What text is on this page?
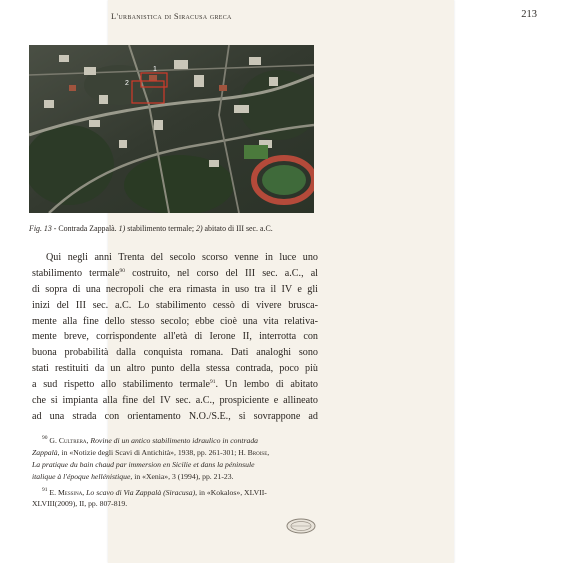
L'urbanistica di Siracusa greca	213
1
2
Fig. 13 - Contrada Zappalà. 1) stabilimento termale; 2) abitato di III sec. a.C.
Qui negli anni Trenta del secolo scorso venne in luce uno
stabilimento termale$^{90}$ costruito, nel corso del III sec. a.C., al
di sopra di una necropoli che era rimasta in uso tra il IV e gli
inizi del III sec. a.C. Lo stabilimento cessò di vivere brusca-
mente alla fine dello stesso secolo; ebbe cioè una vita relativa-
mente breve, corrispondente all'età di Ierone II, interrotta con
buona probabilità dalla conquista romana. Dati analoghi sono
stati restituiti da un altro punto della stessa contrada, poco più
a sud rispetto allo stabilimento termale$^{91}$. Un lembo di abitato
che si impianta alla fine del IV sec. a.C., prospiciente e allineato
ad una strada con orientamento N.O./S.E., si sovrappone ad
$^{90}$ G. Cultrera, Rovine di un antico stabilimento idraulico in contrada
Zappalà, in «Notizie degli Scavi di Antichità», 1938, pp. 261-301; H. Broise,
La pratique du bain chaud par immersion en Sicilie et dans la péninsule
italique à l'époque hellénistique, in «Xenia», 3 (1994), pp. 21-23.
$^{91}$ E. Messina, Lo scavo di Via Zappalà (Siracusa), in «Kokalos», XLVII-
XLVIII(2009), II, pp. 807-819.
